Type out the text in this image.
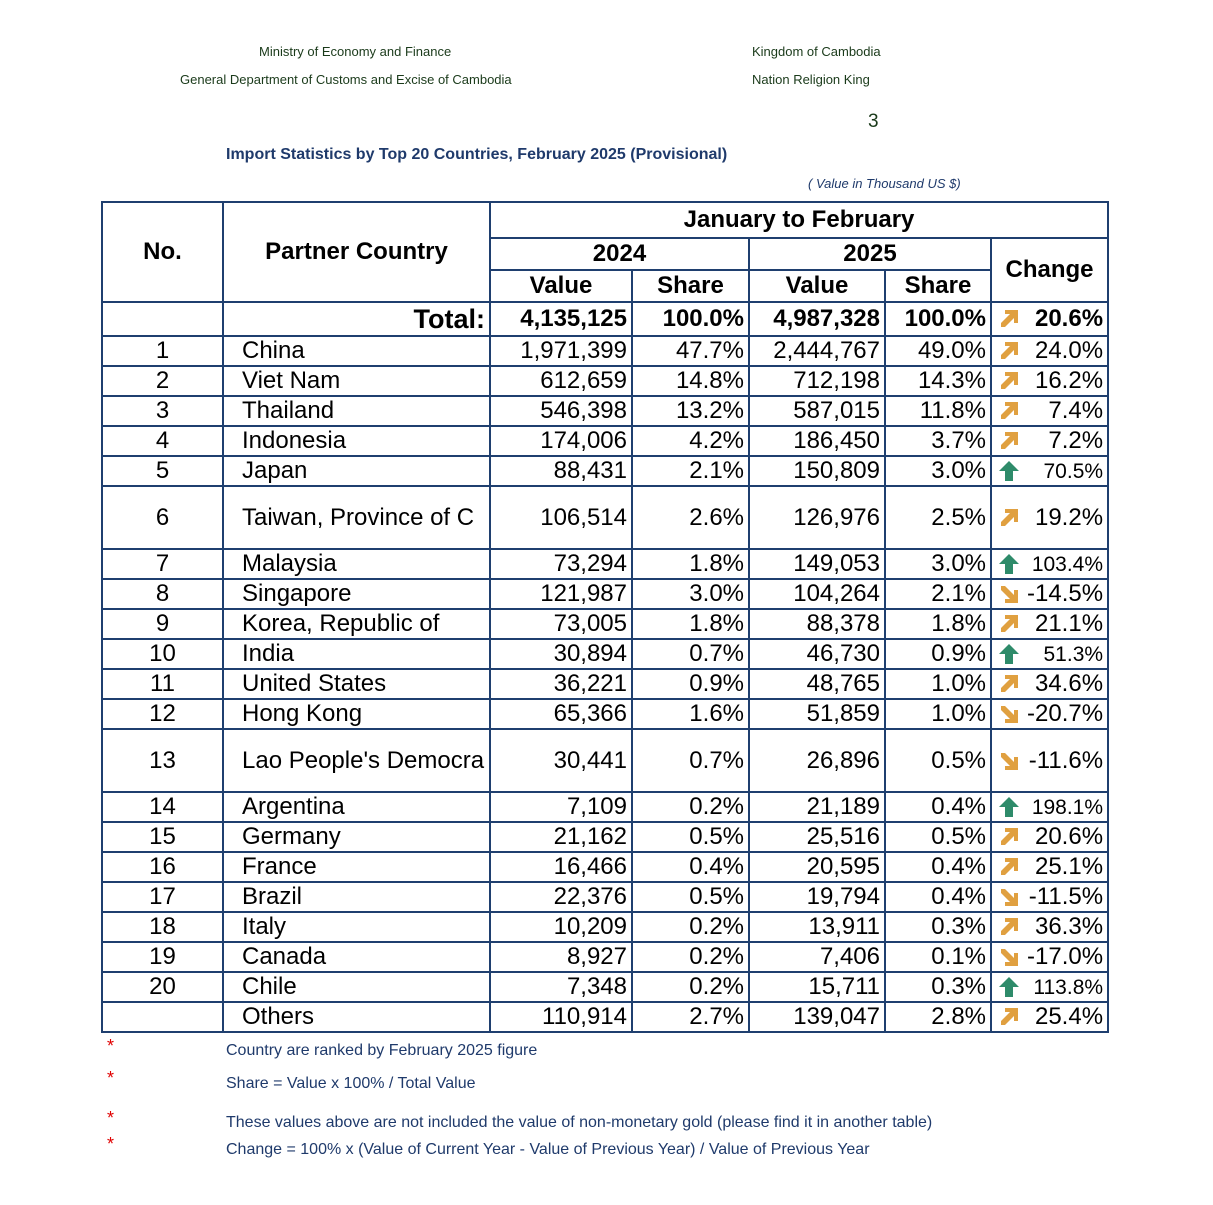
Ministry of Economy and Finance
General Department of Customs and Excise of Cambodia
Kingdom of Cambodia
Nation Religion King
3
Import Statistics by Top 20 Countries, February 2025 (Provisional)
( Value in Thousand US $)
No.	Partner Country	January to February				
		2024		2025		Change
		Value	Share	Value	Share	
	Total:	4,135,125	100.0%	4,987,328	100.0%	20.6%
1	China	1,971,399	47.7%	2,444,767	49.0%	24.0%
2	Viet Nam	612,659	14.8%	712,198	14.3%	16.2%
3	Thailand	546,398	13.2%	587,015	11.8%	7.4%
4	Indonesia	174,006	4.2%	186,450	3.7%	7.2%
5	Japan	88,431	2.1%	150,809	3.0%	70.5%
6	Taiwan, Province of C	106,514	2.6%	126,976	2.5%	19.2%
7	Malaysia	73,294	1.8%	149,053	3.0%	103.4%
8	Singapore	121,987	3.0%	104,264	2.1%	-14.5%
9	Korea, Republic of	73,005	1.8%	88,378	1.8%	21.1%
10	India	30,894	0.7%	46,730	0.9%	51.3%
11	United States	36,221	0.9%	48,765	1.0%	34.6%
12	Hong Kong	65,366	1.6%	51,859	1.0%	-20.7%
13	Lao People's Democra	30,441	0.7%	26,896	0.5%	-11.6%
14	Argentina	7,109	0.2%	21,189	0.4%	198.1%
15	Germany	21,162	0.5%	25,516	0.5%	20.6%
16	France	16,466	0.4%	20,595	0.4%	25.1%
17	Brazil	22,376	0.5%	19,794	0.4%	-11.5%
18	Italy	10,209	0.2%	13,911	0.3%	36.3%
19	Canada	8,927	0.2%	7,406	0.1%	-17.0%
20	Chile	7,348	0.2%	15,711	0.3%	113.8%
	Others	110,914	2.7%	139,047	2.8%	25.4%
*	Country are ranked by February 2025 figure
*	Share = Value x 100% / Total Value
*	These values above are not included the value of non-monetary gold (please find it in another table)
*	Change = 100% x (Value of Current Year - Value of Previous Year) / Value of Previous Year
